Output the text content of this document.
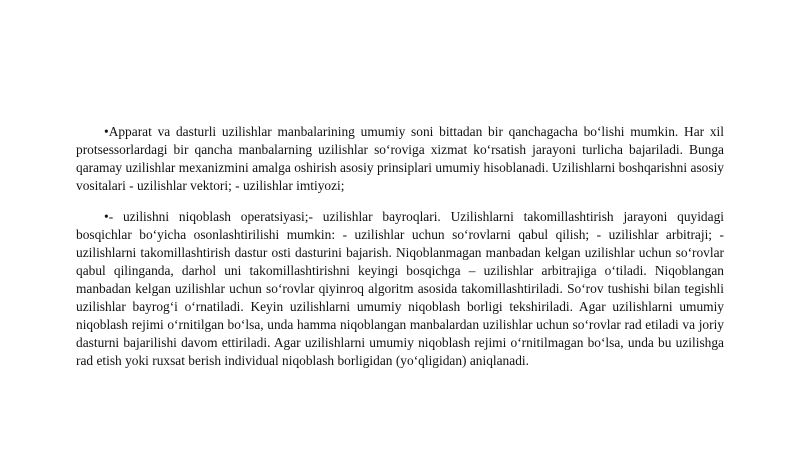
•Apparat va dasturli uzilishlar manbalarining umumiy soni bittadan bir qanchagacha bo‘lishi mumkin. Har xil protsessorlardagi bir qancha manbalarning uzilishlar so‘roviga xizmat ko‘rsatish jarayoni turlicha bajariladi. Bunga qaramay uzilishlar mexanizmini amalga oshirish asosiy prinsiplari umumiy hisoblanadi. Uzilishlarni boshqarishni asosiy vositalari - uzilishlar vektori; - uzilishlar imtiyozi;

•- uzilishni niqoblash operatsiyasi;- uzilishlar bayroqlari. Uzilishlarni takomillashtirish jarayoni quyidagi bosqichlar bo‘yicha osonlashtirilishi mumkin: - uzilishlar uchun so‘rovlarni qabul qilish; - uzilishlar arbitraji; - uzilishlarni takomillashtirish dastur osti dasturini bajarish. Niqoblanmagan manbadan kelgan uzilishlar uchun so‘rovlar qabul qilinganda, darhol uni takomillashtirishni keyingi bosqichga – uzilishlar arbitrajiga o‘tiladi. Niqoblangan manbadan kelgan uzilishlar uchun so‘rovlar qiyinroq algoritm asosida takomillashtiriladi. So‘rov tushishi bilan tegishli uzilishlar bayrog‘i o‘rnatiladi. Keyin uzilishlarni umumiy niqoblash borligi tekshiriladi. Agar uzilishlarni umumiy niqoblash rejimi o‘rnitilgan bo‘lsa, unda hamma niqoblangan manbalardan uzilishlar uchun so‘rovlar rad etiladi va joriy dasturni bajarilishi davom ettiriladi. Agar uzilishlarni umumiy niqoblash rejimi o‘rnitilmagan bo‘lsa, unda bu uzilishga rad etish yoki ruxsat berish individual niqoblash borligidan (yo‘qligidan) aniqlanadi.
